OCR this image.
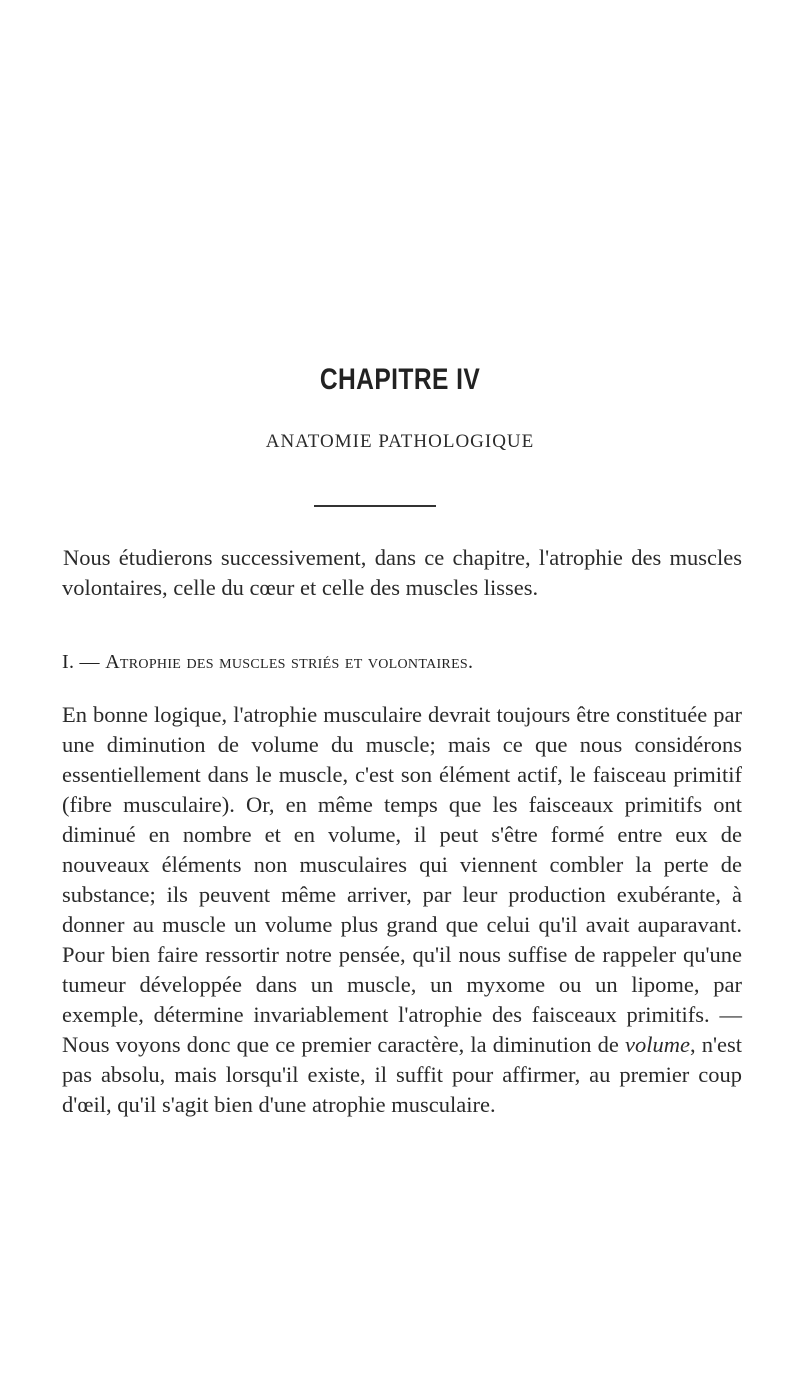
CHAPITRE IV
ANATOMIE PATHOLOGIQUE

Nous étudierons successivement, dans ce chapitre, l'atrophie des muscles volontaires, celle du cœur et celle des muscles lisses.

I. — Atrophie des muscles striés et volontaires.

En bonne logique, l'atrophie musculaire devrait toujours être constituée par une diminution de volume du muscle; mais ce que nous considérons essentiellement dans le muscle, c'est son élément actif, le faisceau primitif (fibre musculaire). Or, en même temps que les faisceaux primitifs ont diminué en nombre et en volume, il peut s'être formé entre eux de nouveaux éléments non musculaires qui viennent combler la perte de substance; ils peuvent même arriver, par leur production exubérante, à donner au muscle un volume plus grand que celui qu'il avait auparavant. Pour bien faire ressortir notre pensée, qu'il nous suffise de rappeler qu'une tumeur développée dans un muscle, un myxome ou un lipome, par exemple, détermine invariablement l'atrophie des faisceaux primitifs. — Nous voyons donc que ce premier caractère, la diminution de volume, n'est pas absolu, mais lorsqu'il existe, il suffit pour affirmer, au premier coup d'œil, qu'il s'agit bien d'une atrophie musculaire.
